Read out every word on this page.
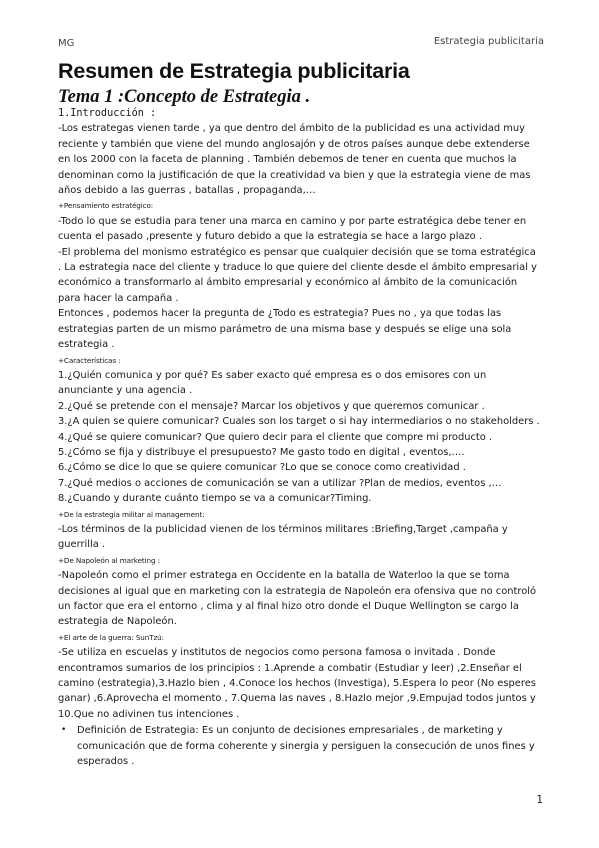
MG	Estrategia publicitaria
Resumen de Estrategia publicitaria
Tema 1 :Concepto de Estrategia .

1.Introducción :

-Los estrategas vienen tarde , ya que dentro del ámbito de la publicidad es una actividad muy reciente y también que viene del mundo anglosajón y de otros países aunque debe extenderse en los 2000 con la faceta de planning . También debemos de tener en cuenta que muchos la denominan como la justificación de que la creatividad va bien y que la estrategia viene de mas años debido a las guerras , batallas , propaganda,…

+Pensamiento estratégico:

-Todo lo que se estudia para tener una marca en camino y por parte estratégica debe tener en cuenta el pasado ,presente y futuro debido a que la estrategia se hace a largo plazo .

-El problema del monismo estratégico es pensar que cualquier decisión que se toma estratégica . La estrategia nace del cliente y traduce lo que quiere del cliente desde el ámbito empresarial y económico a transformarlo al ámbito empresarial y económico al ámbito de la comunicación para hacer la campaña .

Entonces , podemos hacer la pregunta de ¿Todo es estrategia? Pues no , ya que todas las estrategias parten de un mismo parámetro de una misma base y después se elige una sola estrategia .

+Características :

1.¿Quién comunica y por qué? Es saber exacto qué empresa es o dos emisores con un anunciante y una agencia .

2.¿Qué se pretende con el mensaje? Marcar los objetivos y que queremos comunicar .

3.¿A quien se quiere comunicar? Cuales son los target o si hay intermediarios o no stakeholders .

4.¿Qué se quiere comunicar? Que quiero decir para el cliente que compre mi producto .

5.¿Cómo se fija y distribuye el presupuesto? Me gasto todo en digital , eventos,….

6.¿Cómo se dice lo que se quiere comunicar ?Lo que se conoce como creatividad .

7.¿Qué medios o acciones de comunicación se van a utilizar ?Plan de medios, eventos ,…

8.¿Cuando y durante cuánto tiempo se va a comunicar?Timing.

+De la estrategia militar al management:

-Los términos de la publicidad vienen de los términos militares :Briefing,Target ,campaña y guerrilla .

+De Napoleón al marketing :

-Napoleón como el primer estratega en Occidente en la batalla de Waterloo la que se toma decisiones al igual que en marketing con la estrategia de Napoleón era ofensiva que no controló un factor que era el entorno , clima y al final hizo otro donde el Duque Wellington se cargo la estrategia de Napoleón.

+El arte de la guerra: SunTzú:

-Se utiliza en escuelas y institutos de negocios como persona famosa o invitada . Donde encontramos sumarios de los principios : 1.Aprende a combatir (Estudiar y leer) ,2.Enseñar el camino (estrategia),3.Hazlo bien , 4.Conoce los hechos (Investiga), 5.Espera lo peor (No esperes ganar) ,6.Aprovecha el momento , 7.Quema las naves , 8.Hazlo mejor ,9.Empujad todos juntos y 10.Que no adivinen tus intenciones .

•	Definición de Estrategia: Es un conjunto de decisiones empresariales , de marketing y comunicación que de forma coherente y sinergia y persiguen la consecución de unos fines y esperados .
1
